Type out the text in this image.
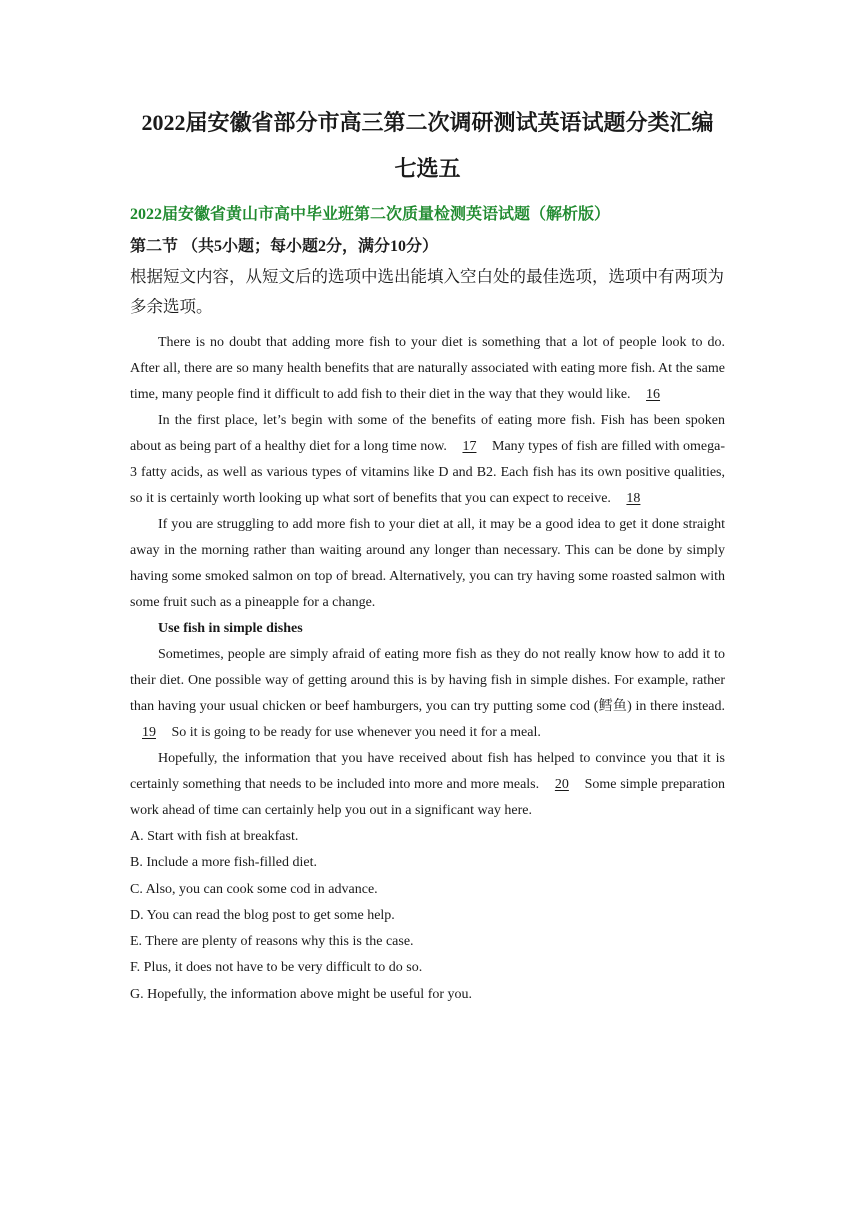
2022届安徽省部分市高三第二次调研测试英语试题分类汇编
七选五
2022届安徽省黄山市高中毕业班第二次质量检测英语试题（解析版）
第二节 （共5小题；每小题2分，满分10分）
根据短文内容，从短文后的选项中选出能填入空白处的最佳选项，选项中有两项为多余选项。

There is no doubt that adding more fish to your diet is something that a lot of people look to do. After all, there are so many health benefits that are naturally associated with eating more fish. At the same time, many people find it difficult to add fish to their diet in the way that they would like. 16

In the first place, let’s begin with some of the benefits of eating more fish. Fish has been spoken about as being part of a healthy diet for a long time now. 17 Many types of fish are filled with omega-3 fatty acids, as well as various types of vitamins like D and B2. Each fish has its own positive qualities, so it is certainly worth looking up what sort of benefits that you can expect to receive. 18

If you are struggling to add more fish to your diet at all, it may be a good idea to get it done straight away in the morning rather than waiting around any longer than necessary. This can be done by simply having some smoked salmon on top of bread. Alternatively, you can try having some roasted salmon with some fruit such as a pineapple for a change.

Use fish in simple dishes

Sometimes, people are simply afraid of eating more fish as they do not really know how to add it to their diet. One possible way of getting around this is by having fish in simple dishes. For example, rather than having your usual chicken or beef hamburgers, you can try putting some cod (鳕鱼) in there instead. 19 So it is going to be ready for use whenever you need it for a meal.

Hopefully, the information that you have received about fish has helped to convince you that it is certainly something that needs to be included into more and more meals. 20 Some simple preparation work ahead of time can certainly help you out in a significant way here.

A. Start with fish at breakfast.

B. Include a more fish-filled diet.

C. Also, you can cook some cod in advance.

D. You can read the blog post to get some help.

E. There are plenty of reasons why this is the case.

F. Plus, it does not have to be very difficult to do so.

G. Hopefully, the information above might be useful for you.
